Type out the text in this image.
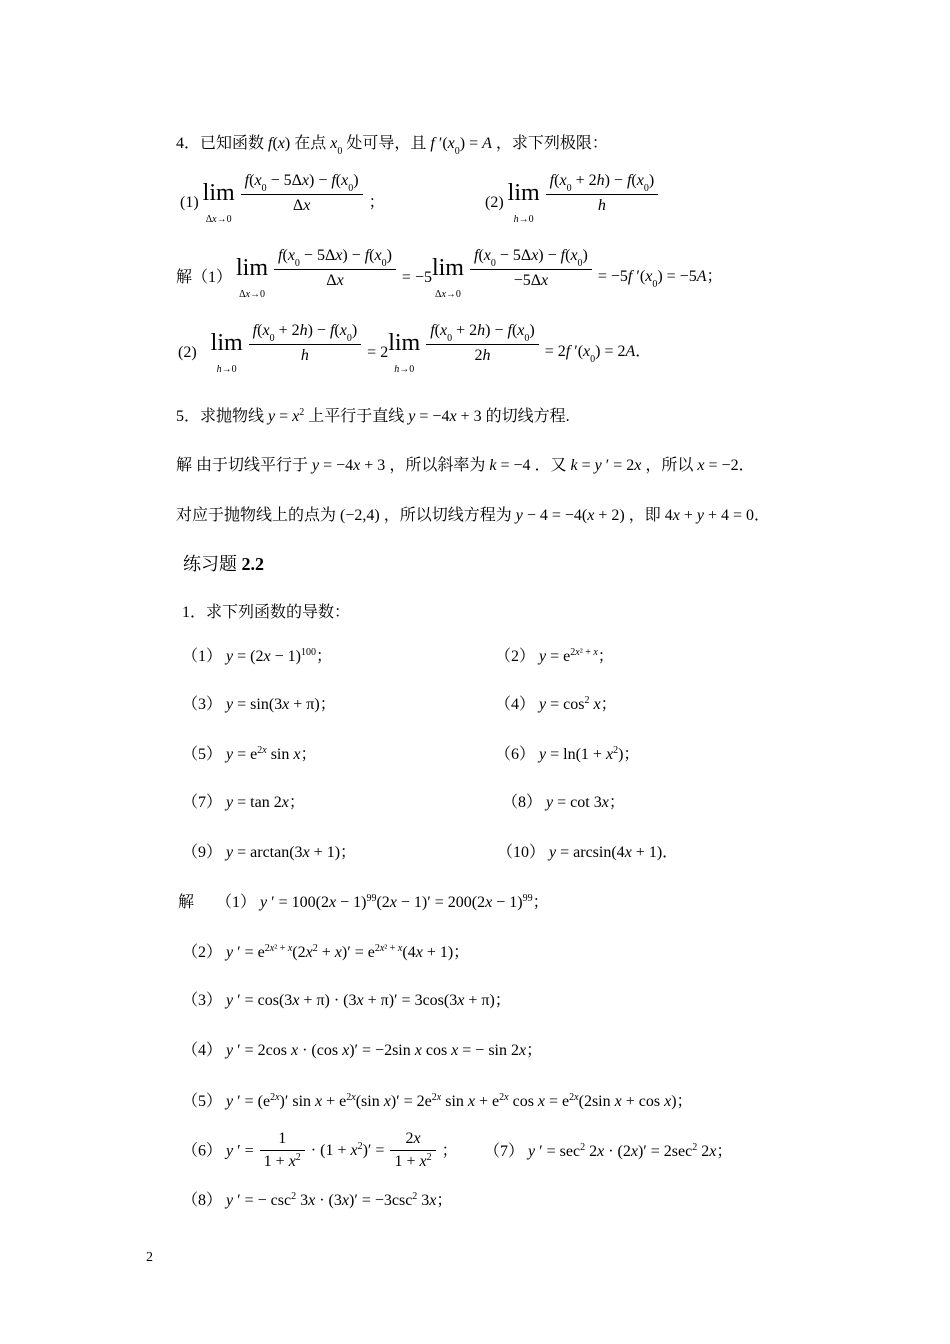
4．已知函数 f(x) 在点 $x_0$ 处可导，且 f $'(x_0) = A$ ，求下列极限：
(1) lim
Δx→0

$\frac{f(x_0 - 5\Delta x) - f(x_0)}{\Delta x}$ ；	(2) lim
h→0

$\frac{f(x_0 + 2h) - f(x_0)}{h}$
解（1） lim
Δx→0

$\frac{f(x_0 - 5\Delta x) - f(x_0)}{\Delta x} = -5$ lim
Δx→0

$\frac{f(x_0 - 5\Delta x) - f(x_0)}{-5\Delta x} = -5f$ $'(x_0) = -5A$；
(2) lim
h→0

$\frac{f(x_0 + 2h) - f(x_0)}{h} = 2$ lim
h→0

$\frac{f(x_0 + 2h) - f(x_0)}{2h} = 2f$ $'(x_0) = 2A$．
5．求抛物线 $y = x^2$ 上平行于直线 y = −4x + 3 的切线方程.
解 由于切线平行于 y = −4x + 3 ，所以斜率为 k = −4 ．又 k = y ′ = 2x ，所以 x = −2．
对应于抛物线上的点为 (−2,4) ，所以切线方程为 y − 4 = −4(x + 2) ，即 4x + y + 4 = 0．
练习题 2.2
1．求下列函数的导数：
（1） $y = (2x - 1)^{100}$；	（2） $y = e^{2x^2 + x}$；
（3） y = sin(3x + π)；	（4） $y = \cos^2 x$；
（5） $y = e^{2x}$ sin x；	（6） $y = \ln(1 + x^2)$；
（7） y = tan 2x；	（8） y = cot 3x；
（9） y = arctan(3x + 1)；	（10） y = arcsin(4x + 1)．
解 （1） y ′ = $100(2x - 1)^{99}(2x - 1)' = 200(2x - 1)^{99}$；
（2） y ′ = $e^{2x^2 + x}(2x^2 + x)' = e^{2x^2 + x}(4x + 1)$；
（3） y ′ = cos(3x + π) · (3x + π)′ = 3cos(3x + π)；
（4） y ′ = 2cos x · (cos x)′ = −2sin x cos x = − sin 2x；
（5） y ′ = $(e^{2x})'$ $\sin x + e^{2x}(\sin$ $x)' = 2e^{2x}$ $\sin x + e^{2x}$ $\cos x = e^{2x}(2\sin$ x + cos x)；
（6） y ′ = $\frac{1}{1 + x^2} \cdot (1 + x^2)' = \frac{2x}{1 + x^2}$ ； （7） y ′ = $\sec^2 2x \cdot (2x)' = 2\sec^2$ 2x；
（8） y ′ = − $\csc^2 3x \cdot (3x)' = -3\csc^2$ 3x；
2
